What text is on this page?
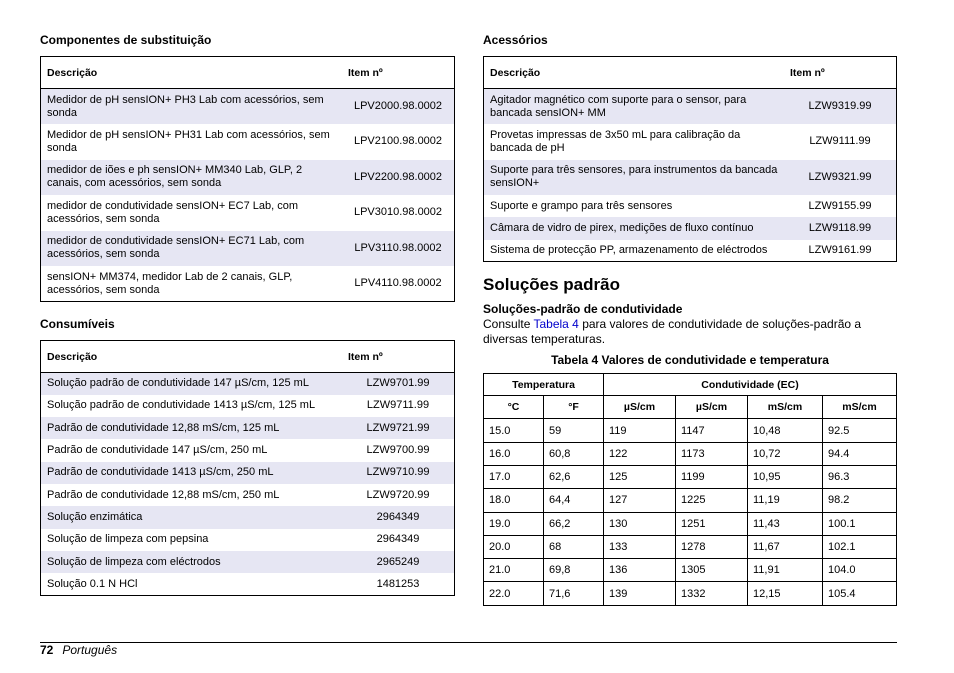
Componentes de substituição
Descrição	Item nº
Medidor de pH sensION+ PH3 Lab com acessórios, sem sonda	LPV2000.98.0002
Medidor de pH sensION+ PH31 Lab com acessórios, sem sonda	LPV2100.98.0002
medidor de iões e ph sensION+ MM340 Lab, GLP, 2 canais, com acessórios, sem sonda	LPV2200.98.0002
medidor de condutividade sensION+ EC7 Lab, com acessórios, sem sonda	LPV3010.98.0002
medidor de condutividade sensION+ EC71 Lab, com acessórios, sem sonda	LPV3110.98.0002
sensION+ MM374, medidor Lab de 2 canais, GLP, acessórios, sem sonda	LPV4110.98.0002
Consumíveis
Descrição	Item nº
Solução padrão de condutividade 147 µS/cm, 125 mL	LZW9701.99
Solução padrão de condutividade 1413 µS/cm, 125 mL	LZW9711.99
Padrão de condutividade 12,88 mS/cm, 125 mL	LZW9721.99
Padrão de condutividade 147 µS/cm, 250 mL	LZW9700.99
Padrão de condutividade 1413 µS/cm, 250 mL	LZW9710.99
Padrão de condutividade 12,88 mS/cm, 250 mL	LZW9720.99
Solução enzimática	2964349
Solução de limpeza com pepsina	2964349
Solução de limpeza com eléctrodos	2965249
Solução 0.1 N HCl	1481253
Acessórios
Descrição	Item nº
Agitador magnético com suporte para o sensor, para bancada sensION+ MM	LZW9319.99
Provetas impressas de 3x50 mL para calibração da bancada de pH	LZW9111.99
Suporte para três sensores, para instrumentos da bancada sensION+	LZW9321.99
Suporte e grampo para três sensores	LZW9155.99
Câmara de vidro de pirex, medições de fluxo contínuo	LZW9118.99
Sistema de protecção PP, armazenamento de eléctrodos	LZW9161.99
Soluções padrão
Soluções-padrão de condutividade

Consulte Tabela 4 para valores de condutividade de soluções-padrão a diversas temperaturas.

Tabela 4 Valores de condutividade e temperatura
Temperatura		Condutividade (EC)			
°C	°F	µS/cm	µS/cm	mS/cm	mS/cm
15.0	59	119	1147	10,48	92.5
16.0	60,8	122	1173	10,72	94.4
17.0	62,6	125	1199	10,95	96.3
18.0	64,4	127	1225	11,19	98.2
19.0	66,2	130	1251	11,43	100.1
20.0	68	133	1278	11,67	102.1
21.0	69,8	136	1305	11,91	104.0
22.0	71,6	139	1332	12,15	105.4
72 Português
